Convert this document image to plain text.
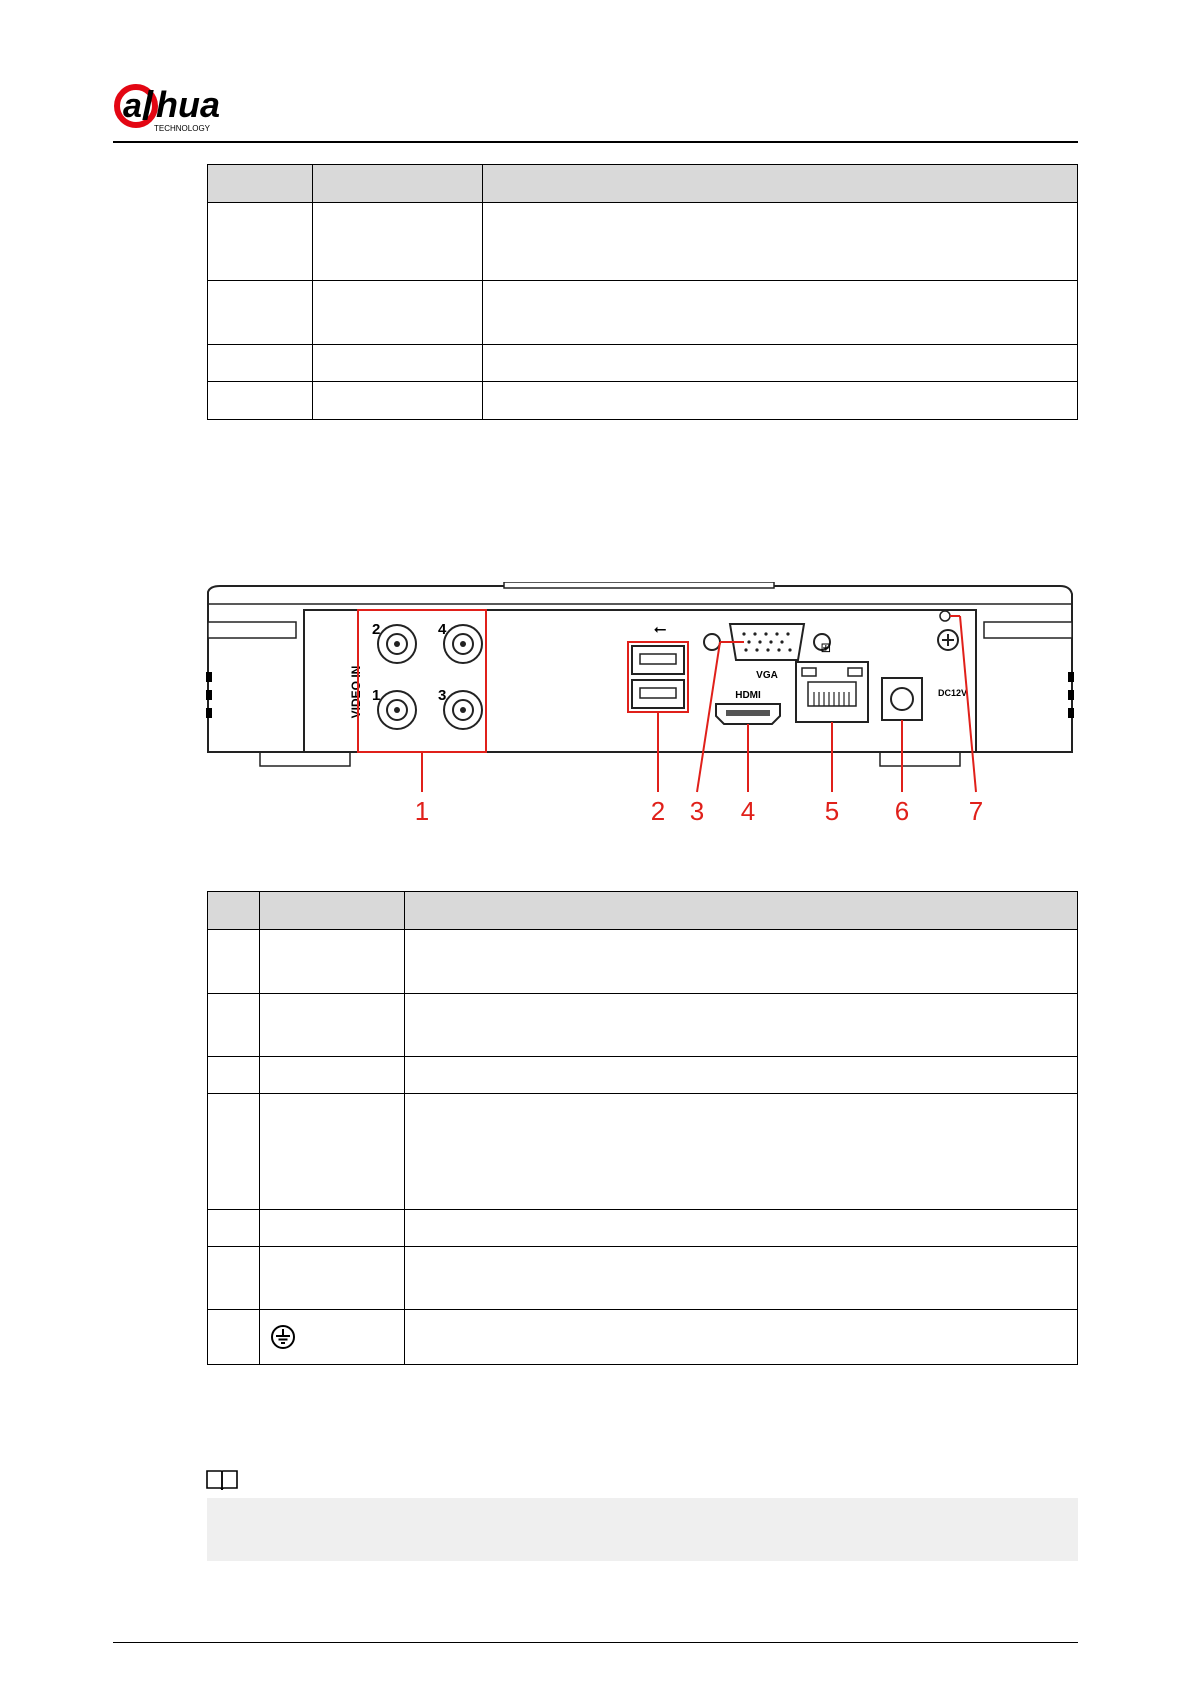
a hua
TECHNOLOGY

VIDEO IN
2	4
1	3
⭠
VGA
HDMI
⊞
DC12V
1	2 3 4	5 6 7
